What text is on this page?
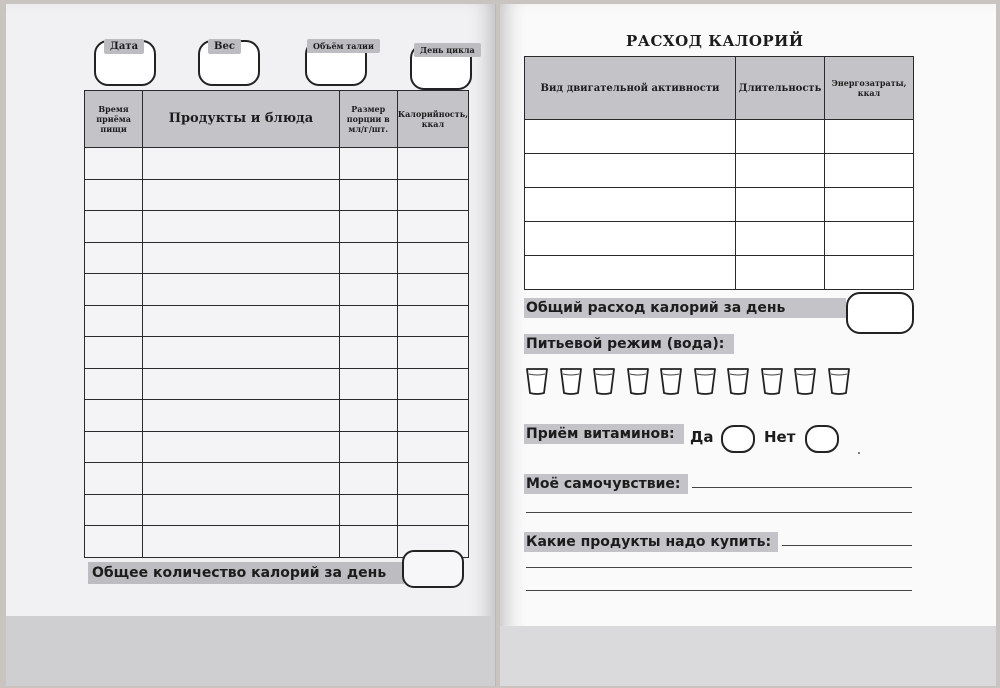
Дата	Вес	Объём талии	День цикла
Время приёма пищи	Продукты и блюда	Размер порции в мл/г/шт.	Калорийность, ккал

Общее количество калорий за день
РАСХОД КАЛОРИЙ
Вид двигательной активности	Длительность	Энергозатраты, ккал

Общий расход калорий за день
Питьевой режим (вода):
Приём витаминов:	Да	Нет
Моё самочувствие:
Какие продукты надо купить:
